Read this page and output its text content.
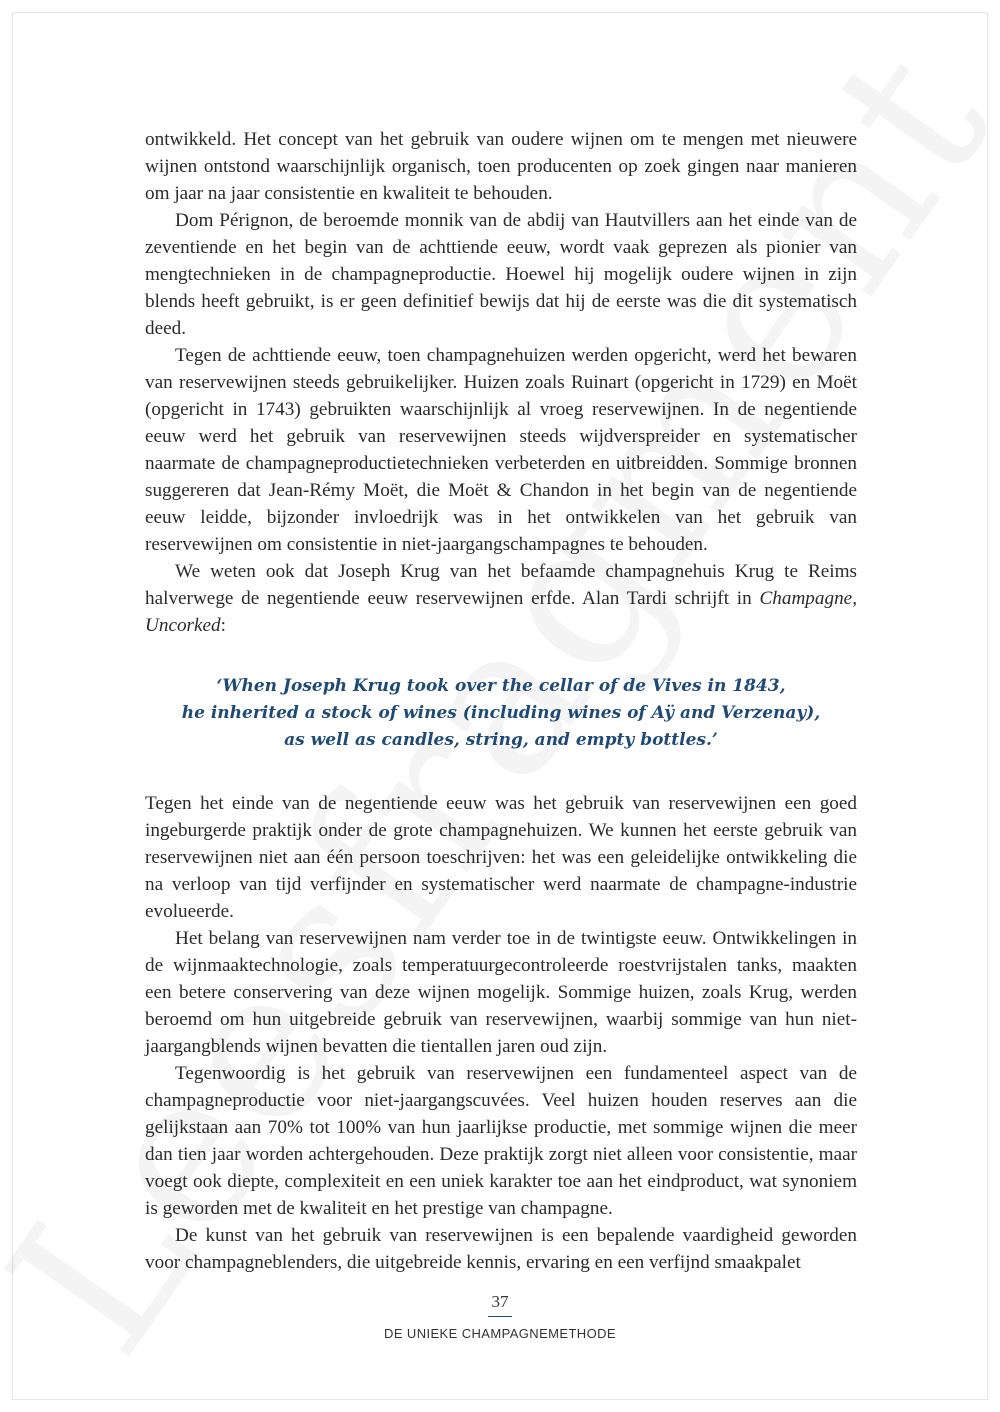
ontwikkeld. Het concept van het gebruik van oudere wijnen om te mengen met nieuwere wijnen ontstond waarschijnlijk organisch, toen producenten op zoek gingen naar manieren om jaar na jaar consistentie en kwaliteit te behouden.

Dom Pérignon, de beroemde monnik van de abdij van Hautvillers aan het einde van de zeventiende en het begin van de achttiende eeuw, wordt vaak geprezen als pionier van mengtechnieken in de champagneproductie. Hoewel hij mogelijk oudere wijnen in zijn blends heeft gebruikt, is er geen definitief bewijs dat hij de eerste was die dit systematisch deed.

Tegen de achttiende eeuw, toen champagnehuizen werden opgericht, werd het bewaren van reservewijnen steeds gebruikelijker. Huizen zoals Ruinart (opgericht in 1729) en Moët (opgericht in 1743) gebruikten waarschijnlijk al vroeg reservewijnen. In de negentiende eeuw werd het gebruik van reservewijnen steeds wijdverspreider en systematischer naarmate de champagneproductietechnieken verbeterden en uitbreidden. Sommige bronnen suggereren dat Jean-Rémy Moët, die Moët & Chandon in het begin van de negentiende eeuw leidde, bijzonder invloedrijk was in het ontwikkelen van het gebruik van reservewijnen om consistentie in niet-jaargangschampagnes te behouden.

We weten ook dat Joseph Krug van het befaamde champagnehuis Krug te Reims halverwege de negentiende eeuw reservewijnen erfde. Alan Tardi schrijft in Champagne, Uncorked:

‘When Joseph Krug took over the cellar of de Vives in 1843,
he inherited a stock of wines (including wines of Aÿ and Verzenay),
as well as candles, string, and empty bottles.’

Tegen het einde van de negentiende eeuw was het gebruik van reservewijnen een goed ingeburgerde praktijk onder de grote champagnehuizen. We kunnen het eerste gebruik van reservewijnen niet aan één persoon toeschrijven: het was een geleidelijke ontwikkeling die na verloop van tijd verfijnder en systematischer werd naarmate de champagne-industrie evolueerde.

Het belang van reservewijnen nam verder toe in de twintigste eeuw. Ontwikkelingen in de wijnmaaktechnologie, zoals temperatuurgecontroleerde roestvrijstalen tanks, maakten een betere conservering van deze wijnen mogelijk. Sommige huizen, zoals Krug, werden beroemd om hun uitgebreide gebruik van reservewijnen, waarbij sommige van hun niet-jaargangblends wijnen bevatten die tientallen jaren oud zijn.

Tegenwoordig is het gebruik van reservewijnen een fundamenteel aspect van de champagneproductie voor niet-jaargangscuvées. Veel huizen houden reserves aan die gelijkstaan aan 70% tot 100% van hun jaarlijkse productie, met sommige wijnen die meer dan tien jaar worden achtergehouden. Deze praktijk zorgt niet alleen voor consistentie, maar voegt ook diepte, complexiteit en een uniek karakter toe aan het eindproduct, wat synoniem is geworden met de kwaliteit en het prestige van champagne.

De kunst van het gebruik van reservewijnen is een bepalende vaardigheid geworden voor champagneblenders, die uitgebreide kennis, ervaring en een verfijnd smaakpalet

37
DE UNIEKE CHAMPAGNEMETHODE
